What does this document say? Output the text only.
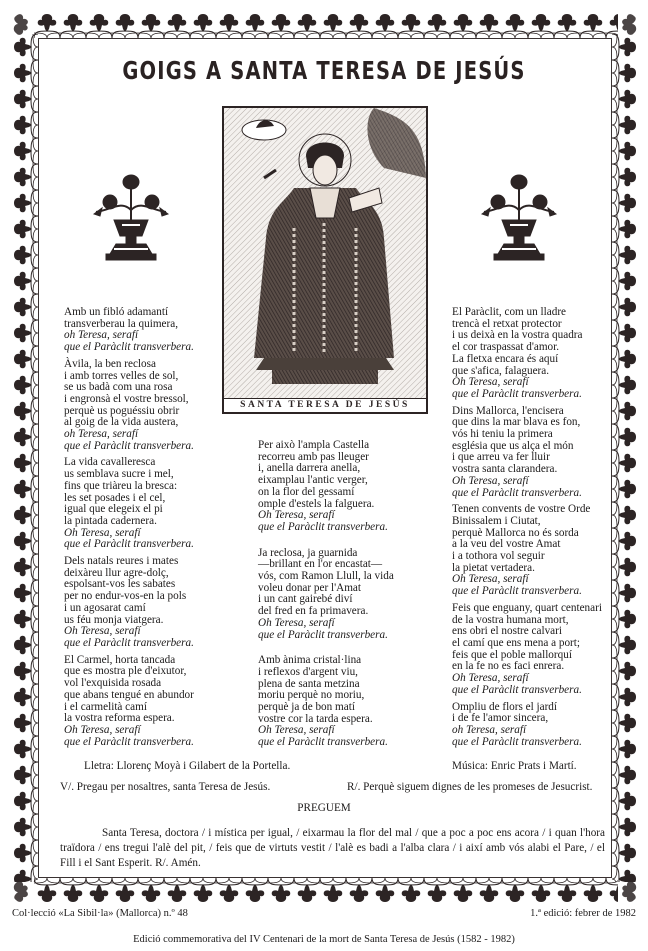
GOIGS A SANTA TERESA DE JESÚS
SANTA TERESA DE JESÚS
Amb un fibló adamantí
transverberau la quimera,
oh Teresa, serafí
que el Paràclit transverbera.
Àvila, la ben reclosa
i amb torres velles de sol,
se us badà com una rosa
i engronsà el vostre bressol,
perquè us poguéssiu obrir
al goig de la vida austera,
oh Teresa, serafí
que el Paràclit transverbera.
La vida cavalleresca
us semblava sucre i mel,
fins que triàreu la bresca:
les set posades i el cel,
igual que elegeix el pi
la pintada cadernera.
Oh Teresa, serafí
que el Paràclit transverbera.
Dels natals reures i mates
deixàreu llur agre-dolç,
espolsant-vos les sabates
per no endur-vos-en la pols
i un agosarat camí
us féu monja viatgera.
Oh Teresa, serafí
que el Paràclit transverbera.
El Carmel, horta tancada
que es mostra ple d'eixutor,
vol l'exquisida rosada
que abans tengué en abundor
i el carmelità camí
la vostra reforma espera.
Oh Teresa, serafí
que el Paràclit transverbera.
Per això l'ampla Castella
recorreu amb pas lleuger
i, anella darrera anella,
eixamplau l'antic verger,
on la flor del gessamí
omple d'estels la falguera.
Oh Teresa, serafí
que el Paràclit transverbera.
Ja reclosa, ja guarnida
—brillant en l'or encastat—
vós, com Ramon Llull, la vida
voleu donar per l'Amat
i un cant gairebé diví
del fred en fa primavera.
Oh Teresa, serafí
que el Paràclit transverbera.
Amb ànima cristal·lina
i reflexos d'argent viu,
plena de santa metzina
moriu perquè no moriu,
perquè ja de bon matí
vostre cor la tarda espera.
Oh Teresa, serafí
que el Paràclit transverbera.
El Paràclit, com un lladre
trencà el retxat protector
i us deixà en la vostra quadra
el cor traspassat d'amor.
La fletxa encara és aquí
que s'afica, falaguera.
Oh Teresa, serafí
que el Paràclit transverbera.
Dins Mallorca, l'encisera
que dins la mar blava es fon,
vós hi teniu la primera
església que us alça el món
i que arreu va fer lluir
vostra santa clarandera.
Oh Teresa, serafí
que el Paràclit transverbera.
Tenen convents de vostre Orde
Binissalem i Ciutat,
perquè Mallorca no és sorda
a la veu del vostre Amat
i a tothora vol seguir
la pietat vertadera.
Oh Teresa, serafí
que el Paràclit transverbera.
Feis que enguany, quart centenari
de la vostra humana mort,
ens obri el nostre calvari
el camí que ens mena a port;
feis que el poble mallorquí
en la fe no es faci enrera.
Oh Teresa, serafí
que el Paràclit transverbera.
Ompliu de flors el jardí
i de fe l'amor sincera,
oh Teresa, serafí
que el Paràclit transverbera.
Lletra: Llorenç Moyà i Gilabert de la Portella.	Música: Enric Prats i Martí.
V/. Pregau per nosaltres, santa Teresa de Jesús.	R/. Perquè siguem dignes de les promeses de Jesucrist.
PREGUEM

Santa Teresa, doctora / i mística per igual, / eixarmau la flor del mal / que a poc a poc ens acora / i quan l'hora traïdora / ens tregui l'alè del pit, / feis que de virtuts vestit / l'alè es badi a l'alba clara / i així amb vós alabi el Pare, / el Fill i el Sant Esperit. R/. Amén.

Col·lecció «La Sibil·la» (Mallorca) n.º 48	1.ª edició: febrer de 1982
Edició commemorativa del IV Centenari de la mort de Santa Teresa de Jesús (1582 - 1982)
